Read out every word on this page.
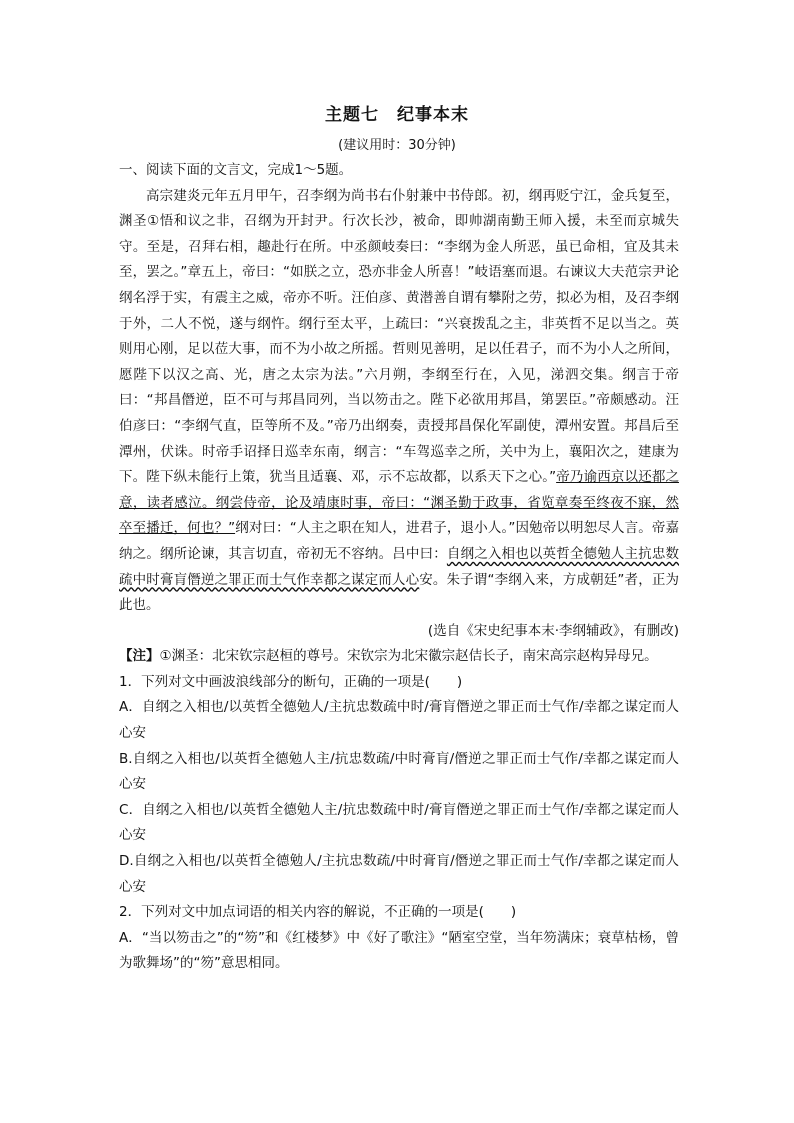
主题七　纪事本末
(建议用时：30分钟)

一、阅读下面的文言文，完成1～5题。

高宗建炎元年五月甲午，召李纲为尚书右仆射兼中书侍郎。初，纲再贬宁江，金兵复至，渊圣①悟和议之非，召纲为开封尹。行次长沙，被命，即帅湖南勤王师入援，未至而京城失守。至是，召拜右相，趣赴行在所。中丞颜岐奏曰：“李纲为金人所恶，虽已命相，宜及其未至，罢之。”章五上，帝曰：“如朕之立，恐亦非金人所喜！”岐语塞而退。右谏议大夫范宗尹论纲名浮于实，有震主之威，帝亦不听。汪伯彦、黄潜善自谓有攀附之劳，拟必为相，及召李纲于外，二人不悦，遂与纲忤。纲行至太平，上疏曰：“兴衰拨乱之主，非英哲不足以当之。英则用心刚，足以莅大事，而不为小故之所摇。哲则见善明，足以任君子，而不为小人之所间，愿陛下以汉之高、光，唐之太宗为法。”六月朔，李纲至行在，入见，涕泗交集。纲言于帝曰：“邦昌僭逆，臣不可与邦昌同列，当以笏击之。陛下必欲用邦昌，第罢臣。”帝颇感动。汪伯彦曰：“李纲气直，臣等所不及。”帝乃出纲奏，责授邦昌保化军副使，潭州安置。邦昌后至潭州，伏诛。时帝手诏择日巡幸东南，纲言：“车驾巡幸之所，关中为上，襄阳次之，建康为下。陛下纵未能行上策，犹当且适襄、邓，示不忘故都，以系天下之心。”帝乃谕西京以还都之意，读者感泣。纲尝侍帝，论及靖康时事，帝曰：“渊圣勤于政事，省览章奏至终夜不寐，然卒至播迁，何也？”纲对曰：“人主之职在知人，进君子，退小人。”因勉帝以明恕尽人言。帝嘉纳之。纲所论谏，其言切直，帝初无不容纳。吕中曰：自纲之入相也以英哲全德勉人主抗忠数疏中时膏肓僭逆之罪正而士气作幸都之谋定而人心安。朱子谓“李纲入来，方成朝廷”者，正为此也。

(选自《宋史纪事本末·李纲辅政》，有删改)

【注】①渊圣：北宋钦宗赵桓的尊号。宋钦宗为北宋徽宗赵佶长子，南宋高宗赵构异母兄。

1．下列对文中画波浪线部分的断句，正确的一项是(　　)

A．自纲之入相也/以英哲全德勉人/主抗忠数疏中时/膏肓僭逆之罪正而士气作/幸都之谋定而人心安

B.自纲之入相也/以英哲全德勉人主/抗忠数疏/中时膏肓/僭逆之罪正而士气作/幸都之谋定而人心安

C．自纲之入相也/以英哲全德勉人主/抗忠数疏中时/膏肓僭逆之罪正而士气作/幸都之谋定而人心安

D.自纲之入相也/以英哲全德勉人/主抗忠数疏/中时膏肓/僭逆之罪正而士气作/幸都之谋定而人心安

2．下列对文中加点词语的相关内容的解说，不正确的一项是(　　)

A．“当以笏击之”的“笏”和《红楼梦》中《好了歌注》“陋室空堂，当年笏满床；衰草枯杨，曾为歌舞场”的“笏”意思相同。
